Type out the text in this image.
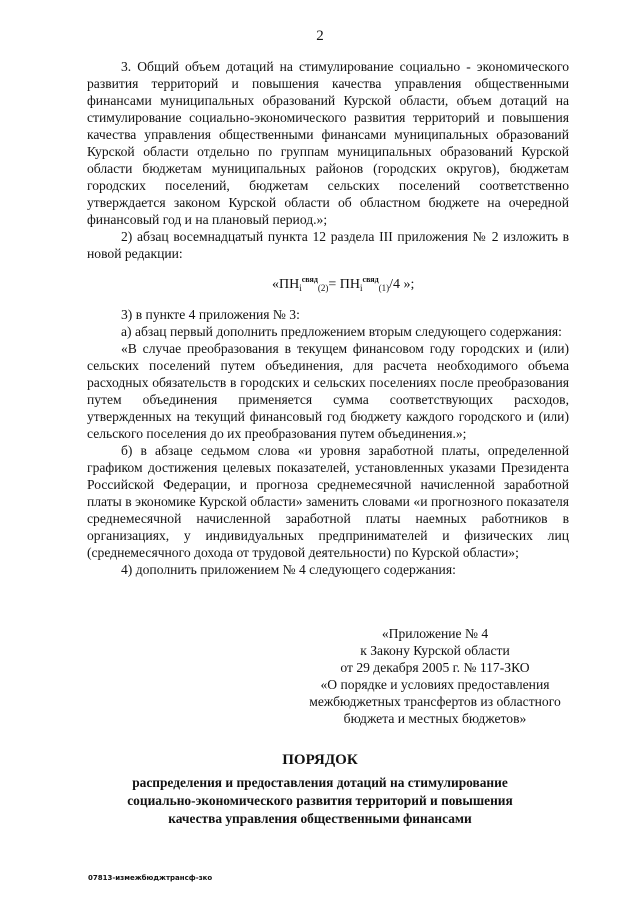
2

3. Общий объем дотаций на стимулирование социально - экономического развития территорий и повышения качества управления общественными финансами муниципальных образований Курской области, объем дотаций на стимулирование социально-экономического развития территорий и повышения качества управления общественными финансами муниципальных образований Курской области отдельно по группам муниципальных образований Курской области бюджетам муниципальных районов (городских округов), бюджетам городских поселений, бюджетам сельских поселений соответственно утверждается законом Курской области об областном бюджете на очередной финансовый год и на плановый период.»;

2) абзац восемнадцатый пункта 12 раздела III приложения № 2 изложить в новой редакции:

«$ПН_i^{свяд}_{(2)}= ПН_i^{свяд}_{(1)}/4$ »;

3) в пункте 4 приложения № 3:

а) абзац первый дополнить предложением вторым следующего содержания:

«В случае преобразования в текущем финансовом году городских и (или) сельских поселений путем объединения, для расчета необходимого объема расходных обязательств в городских и сельских поселениях после преобразования путем объединения применяется сумма соответствующих расходов, утвержденных на текущий финансовый год бюджету каждого городского и (или) сельского поселения до их преобразования путем объединения.»;

б) в абзаце седьмом слова «и уровня заработной платы, определенной графиком достижения целевых показателей, установленных указами Президента Российской Федерации, и прогноза среднемесячной начисленной заработной платы в экономике Курской области» заменить словами «и прогнозного показателя среднемесячной начисленной заработной платы наемных работников в организациях, у индивидуальных предпринимателей и физических лиц (среднемесячного дохода от трудовой деятельности) по Курской области»;

4) дополнить приложением № 4 следующего содержания:

«Приложение № 4
к Закону Курской области
от 29 декабря 2005 г. № 117-ЗКО
«О порядке и условиях предоставления
межбюджетных трансфертов из областного
бюджета и местных бюджетов»
ПОРЯДОК
распределения и предоставления дотаций на стимулирование социально-экономического развития территорий и повышения качества управления общественными финансами
07813-измежбюджтрансф-зко
